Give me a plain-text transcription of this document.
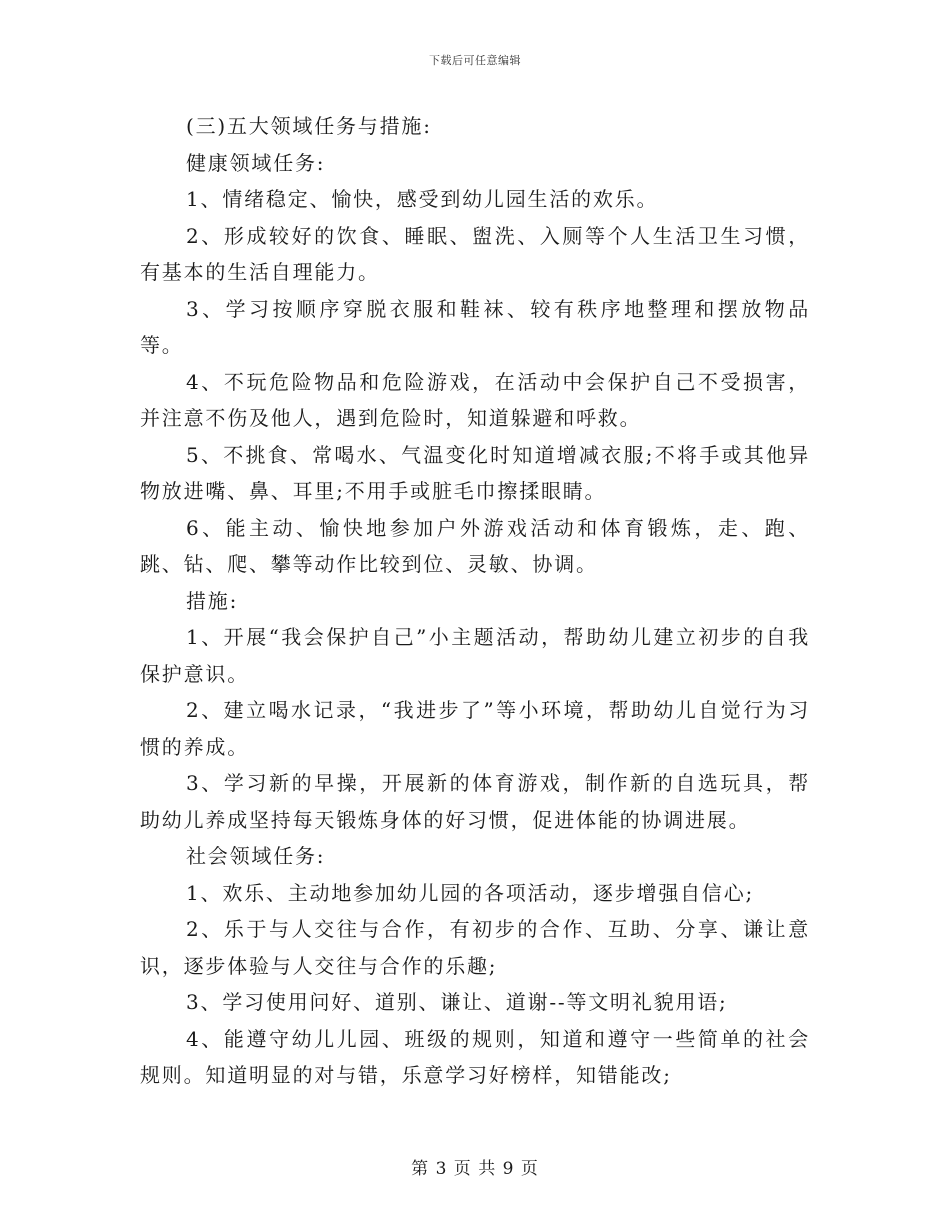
下载后可任意编辑

(三)五大领域任务与措施:

健康领域任务:

1、情绪稳定、愉快，感受到幼儿园生活的欢乐。

2、形成较好的饮食、睡眠、盥洗、入厕等个人生活卫生习惯，有基本的生活自理能力。

3、学习按顺序穿脱衣服和鞋袜、较有秩序地整理和摆放物品等。

4、不玩危险物品和危险游戏，在活动中会保护自己不受损害，并注意不伤及他人，遇到危险时，知道躲避和呼救。

5、不挑食、常喝水、气温变化时知道增减衣服;不将手或其他异物放进嘴、鼻、耳里;不用手或脏毛巾擦揉眼睛。

6、能主动、愉快地参加户外游戏活动和体育锻炼，走、跑、跳、钻、爬、攀等动作比较到位、灵敏、协调。

措施:

1、开展“我会保护自己”小主题活动，帮助幼儿建立初步的自我保护意识。

2、建立喝水记录，“我进步了”等小环境，帮助幼儿自觉行为习惯的养成。

3、学习新的早操，开展新的体育游戏，制作新的自选玩具，帮助幼儿养成坚持每天锻炼身体的好习惯，促进体能的协调进展。

社会领域任务:

1、欢乐、主动地参加幼儿园的各项活动，逐步增强自信心;

2、乐于与人交往与合作，有初步的合作、互助、分享、谦让意识，逐步体验与人交往与合作的乐趣;

3、学习使用问好、道别、谦让、道谢--等文明礼貌用语;

4、能遵守幼儿儿园、班级的规则，知道和遵守一些简单的社会规则。知道明显的对与错，乐意学习好榜样，知错能改;

第 3 页 共 9 页
